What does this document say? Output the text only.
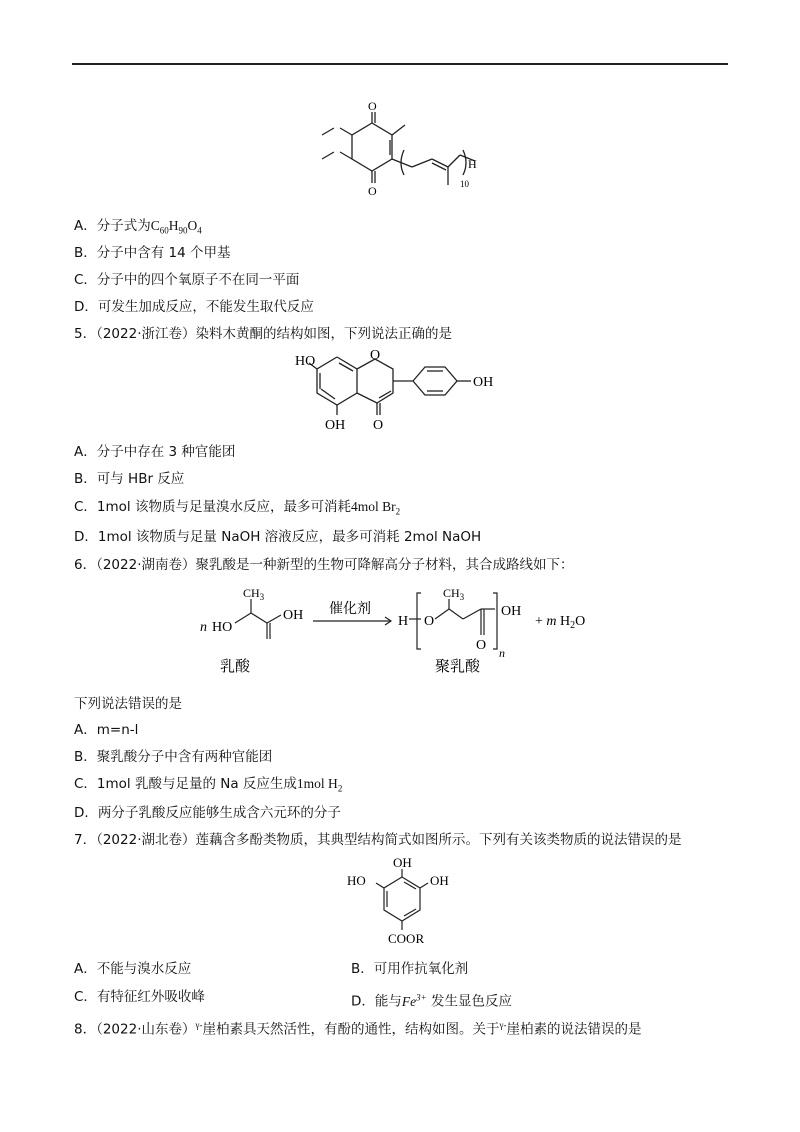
O
O	10
H
A．分子式为$C_{60}H_{90}O_4$
B．分子中含有 14 个甲基
C．分子中的四个氧原子不在同一平面
D．可发生加成反应，不能发生取代反应
5．（2022·浙江卷）染料木黄酮的结构如图，下列说法正确的是
HO	O
OH
OH O
A．分子中存在 3 种官能团
B．可与 HBr 反应
C．1mol 该物质与足量溴水反应，最多可消耗4mol $Br_2$
D．1mol 该物质与足量 NaOH 溶液反应，最多可消耗 2mol NaOH
6．（2022·湖南卷）聚乳酸是一种新型的生物可降解高分子材料，其合成路线如下：
n HO
OH
$CH_3$
催化剂
H O
$CH_3$
OH
O n
+ m $H_2O$
乳酸	聚乳酸
下列说法错误的是
A．m=n-l
B．聚乳酸分子中含有两种官能团
C．1mol 乳酸与足量的 Na 反应生成1mol $H_2$
D．两分子乳酸反应能够生成含六元环的分子
7．（2022·湖北卷）莲藕含多酚类物质，其典型结构简式如图所示。下列有关该类物质的说法错误的是
OH
HO	OH
COOR
A．不能与溴水反应	B．可用作抗氧化剂
C．有特征红外吸收峰	D．能与$Fe^{3+}$ 发生显色反应
8．（2022·山东卷）$^{\gamma-}$崖柏素具天然活性，有酚的通性，结构如图。关于$^{\gamma-}$崖柏素的说法错误的是
